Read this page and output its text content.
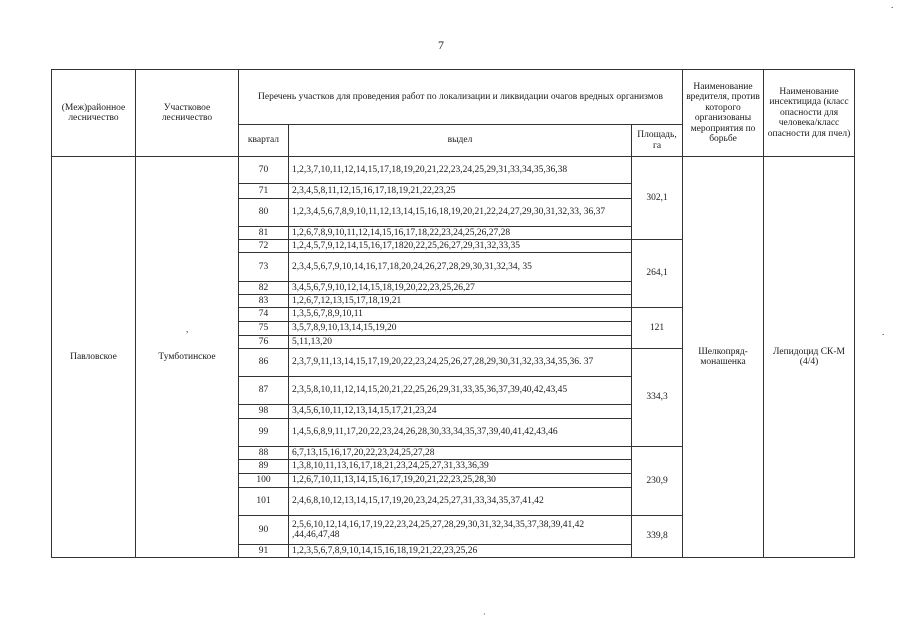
7
.
(Меж)районное лесничество	Участковое лесничество	Перечень участков для проведения работ по локализации и ликвидации очагов вредных организмов			Наименование вредителя, против которого организованы мероприятия по борьбе	Наименование инсектицида (класс опасности для человека/класс опасности для пчел)
		квартал	выдел	Площадь, га		
Павловское	Тумботинское	70	1,2,3,7,10,11,12,14,15,17,18,19,20,21,22,23,24,25,29,31,33,34,35,36,38	302,1	Шелкопряд-монашенка	Лепидоцид СК-М (4/4)
		71	2,3,4,5,8,11,12,15,16,17,18,19,21,22,23,25			
		80	1,2,3,4,5,6,7,8,9,10,11,12,13,14,15,16,18,19,20,21,22,24,27,29,30,31,32,33, 36,37			
		81	1,2,6,7,8,9,10,11,12,14,15,16,17,18,22,23,24,25,26,27,28			
		72	1,2,4,5,7,9,12,14,15,16,17,1820,22,25,26,27,29,31,32,33,35	264,1		
		73	2,3,4,5,6,7,9,10,14,16,17,18,20,24,26,27,28,29,30,31,32,34, 35			
		82	3,4,5,6,7,9,10,12,14,15,18,19,20,22,23,25,26,27			
		83	1,2,6,7,12,13,15,17,18,19,21			
		74	1,3,5,6,7,8,9,10,11	121		
		75	3,5,7,8,9,10,13,14,15,19,20			
		76	5,11,13,20			
		86	2,3,7,9,11,13,14,15,17,19,20,22,23,24,25,26,27,28,29,30,31,32,33,34,35,36. 37	334,3		
		87	2,3,5,8,10,11,12,14,15,20,21,22,25,26,29,31,33,35,36,37,39,40,42,43,45			
		98	3,4,5,6,10,11,12,13,14,15,17,21,23,24			
		99	1,4,5,6,8,9,11,17,20,22,23,24,26,28,30,33,34,35,37,39,40,41,42,43,46			
		88	6,7,13,15,16,17,20,22,23,24,25,27,28	230,9		
		89	1,3,8,10,11,13,16,17,18,21,23,24,25,27,31,33,36,39			
		100	1,2,6,7,10,11,13,14,15,16,17,19,20,21,22,23,25,28,30			
		101	2,4,6,8,10,12,13,14,15,17,19,20,23,24,25,27,31,33,34,35,37,41,42			
		90	2,5,6,10,12,14,16,17,19,22,23,24,25,27,28,29,30,31,32,34,35,37,38,39,41,42 ,44,46,47,48	339,8		
		91	1,2,3,5,6,7,8,9,10,14,15,16,18,19,21,22,23,25,26			
,	.
·
